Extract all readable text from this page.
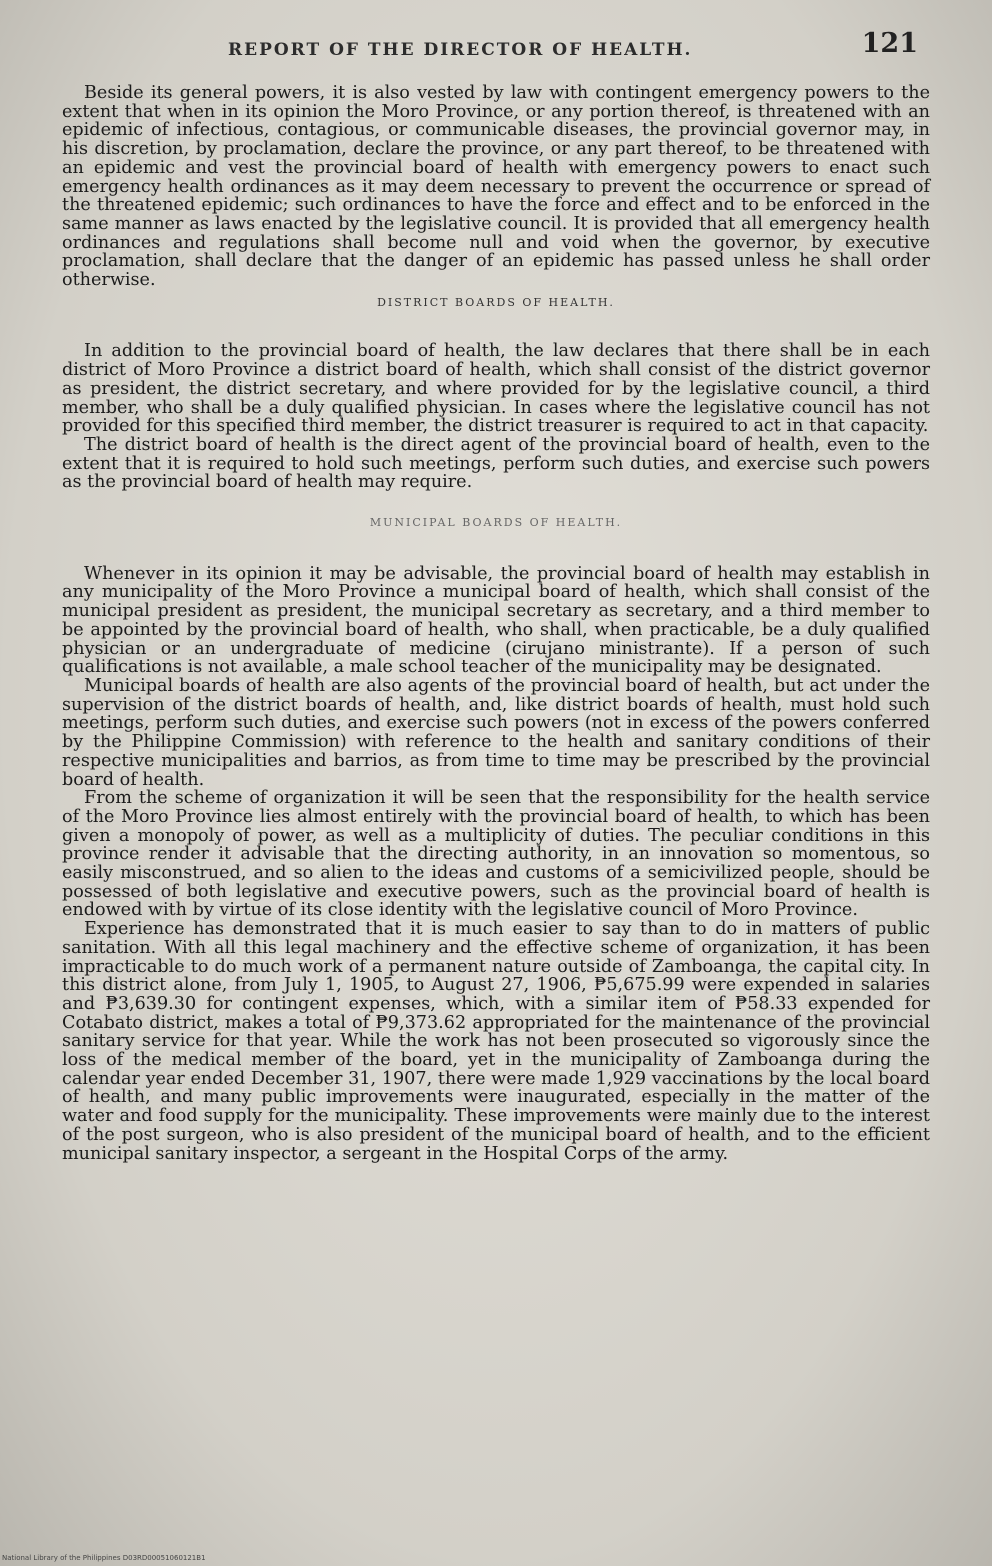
REPORT OF THE DIRECTOR OF HEALTH.	121

Beside its general powers, it is also vested by law with contingent emergency powers to the extent that when in its opinion the Moro Province, or any portion thereof, is threatened with an epidemic of infectious, contagious, or communicable diseases, the provincial governor may, in his discretion, by proclamation, declare the province, or any part thereof, to be threatened with an epidemic and vest the provincial board of health with emergency powers to enact such emergency health ordinances as it may deem necessary to prevent the occurrence or spread of the threatened epidemic; such ordinances to have the force and effect and to be enforced in the same manner as laws enacted by the legislative council. It is provided that all emergency health ordinances and regulations shall become null and void when the governor, by executive proclamation, shall declare that the danger of an epidemic has passed unless he shall order otherwise.

DISTRICT BOARDS OF HEALTH.

In addition to the provincial board of health, the law declares that there shall be in each district of Moro Province a district board of health, which shall consist of the district governor as president, the district secretary, and where provided for by the legislative council, a third member, who shall be a duly qualified physician. In cases where the legislative council has not provided for this specified third member, the district treasurer is required to act in that capacity.

The district board of health is the direct agent of the provincial board of health, even to the extent that it is required to hold such meetings, perform such duties, and exercise such powers as the provincial board of health may require.

MUNICIPAL BOARDS OF HEALTH.

Whenever in its opinion it may be advisable, the provincial board of health may establish in any municipality of the Moro Province a municipal board of health, which shall consist of the municipal president as president, the municipal secretary as secretary, and a third member to be appointed by the provincial board of health, who shall, when practicable, be a duly qualified physician or an undergraduate of medicine (cirujano ministrante). If a person of such qualifications is not available, a male school teacher of the municipality may be designated.

Municipal boards of health are also agents of the provincial board of health, but act under the supervision of the district boards of health, and, like district boards of health, must hold such meetings, perform such duties, and exercise such powers (not in excess of the powers conferred by the Philippine Commission) with reference to the health and sanitary conditions of their respective municipalities and barrios, as from time to time may be prescribed by the provincial board of health.

From the scheme of organization it will be seen that the responsibility for the health service of the Moro Province lies almost entirely with the provincial board of health, to which has been given a monopoly of power, as well as a multiplicity of duties. The peculiar conditions in this province render it advisable that the directing authority, in an innovation so momentous, so easily misconstrued, and so alien to the ideas and customs of a semicivilized people, should be possessed of both legislative and executive powers, such as the provincial board of health is endowed with by virtue of its close identity with the legislative council of Moro Province.

Experience has demonstrated that it is much easier to say than to do in matters of public sanitation. With all this legal machinery and the effective scheme of organization, it has been impracticable to do much work of a permanent nature outside of Zamboanga, the capital city. In this district alone, from July 1, 1905, to August 27, 1906, ₱5,675.99 were expended in salaries and ₱3,639.30 for contingent expenses, which, with a similar item of ₱58.33 expended for Cotabato district, makes a total of ₱9,373.62 appropriated for the maintenance of the provincial sanitary service for that year. While the work has not been prosecuted so vigorously since the loss of the medical member of the board, yet in the municipality of Zamboanga during the calendar year ended December 31, 1907, there were made 1,929 vaccinations by the local board of health, and many public improvements were inaugurated, especially in the matter of the water and food supply for the municipality. These improvements were mainly due to the interest of the post surgeon, who is also president of the municipal board of health, and to the efficient municipal sanitary inspector, a sergeant in the Hospital Corps of the army.

National Library of the Philippines D03RD00051060121B1
